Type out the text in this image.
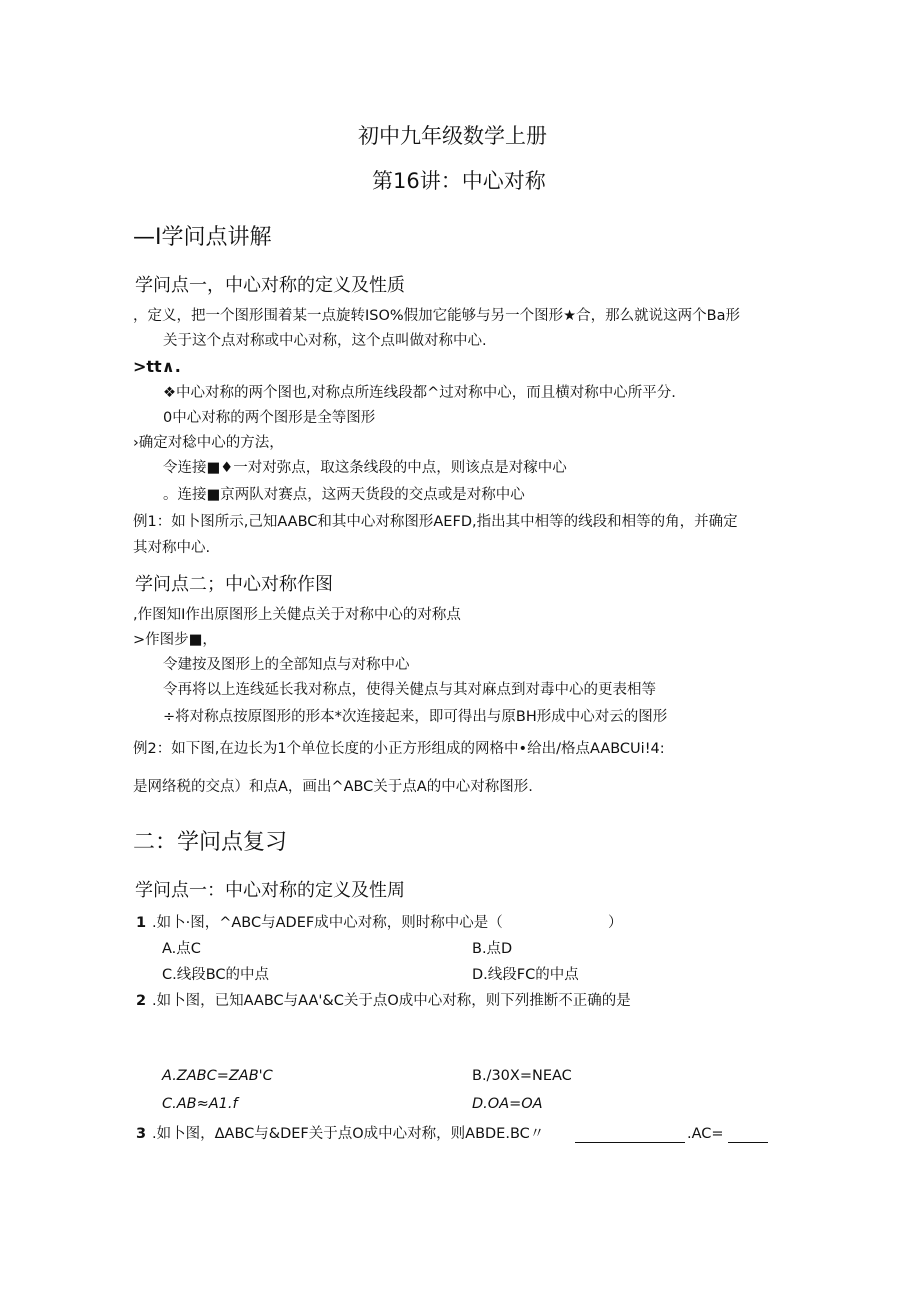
初中九年级数学上册
第16讲：中心对称
—I学问点讲解
学问点一，中心对称的定义及性质
，定义，把一个图形围着某一点旋转ISO%假加它能够与另一个图形★合，那么就说这两个Ba形
关于这个点对称或中心对称，这个点叫做对称中心.
>tt∧.
❖中心对称的两个图也,对称点所连线段都^过对称中心，而且横对称中心所平分.
0中心对称的两个图形是全等图形
›确定对稔中心的方法，
令连接■♦一对对弥点，取这条线段的中点，则该点是对稼中心
。连接■京两队对赛点，这两天货段的交点或是对称中心
例1：如卜图所示,己知AABC和其中心对称图形AEFD,指出其中相等的线段和相等的角，并确定
其对称中心.
学问点二；中心对称作图
,作图知I作出原图形上关健点关于对称中心的对称点
>作图步■，
令建按及图形上的全部知点与对称中心
令再将以上连线延长我对称点，使得关健点与其对麻点到对毒中心的更表相等
÷将对称点按原图形的形本*次连接起来，即可得出与原BH形成中心对云的图形
例2：如下图,在边长为1个单位长度的小正方形组成的网格中•给出/格点AABCUi!4:
是网络税的交点）和点A，画出^ABC关于点A的中心对称图形.
二：学问点复习
学问点一：中心对称的定义及性周
1 .如卜·图，^ABC与ADEF成中心对称，则时称中心是（	）
A.点C	B.点D
C.线段BC的中点	D.线段FC的中点
2 .如卜图，已知AABC与AA'&C关于点O成中心对称，则下列推断不正确的是
A.ZABC=ZAB'C	B./30X=NEAC
C.AB≈A1.f	D.OA=OA
3 .如卜图，ΔABC与&DEF关于点O成中心对称，则ABDE.BC〃	.AC=
